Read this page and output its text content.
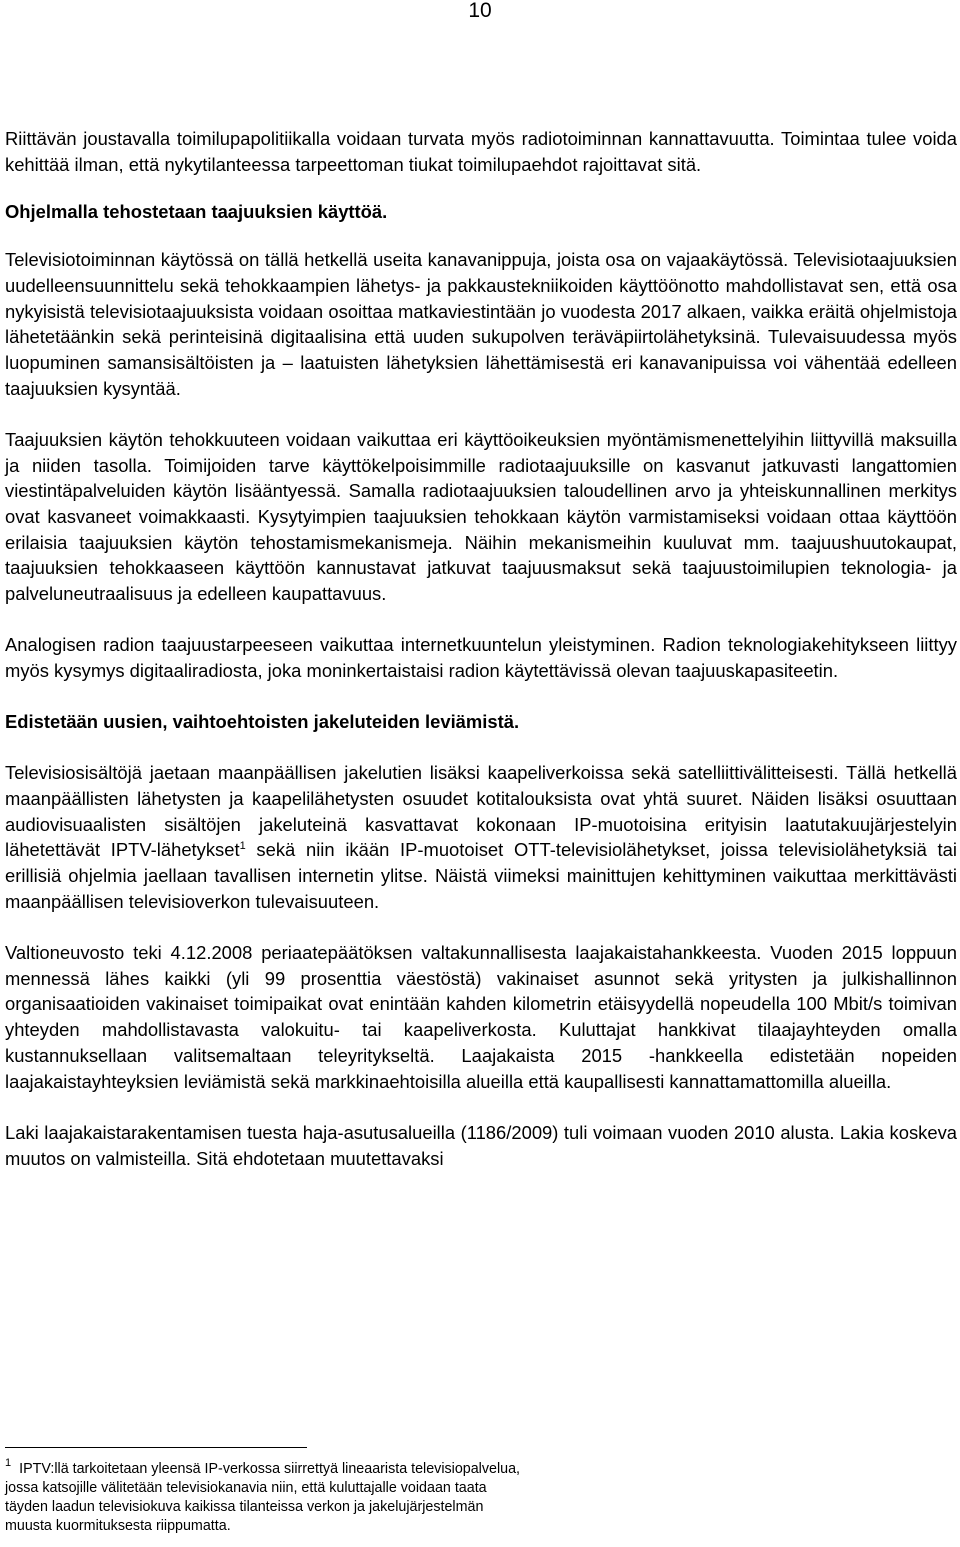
10

Riittävän joustavalla toimilupapolitiikalla voidaan turvata myös radiotoiminnan kannattavuutta. Toimintaa tulee voida kehittää ilman, että nykytilanteessa tarpeettoman tiukat toimilupaehdot rajoittavat sitä.

Ohjelmalla tehostetaan taajuuksien käyttöä.

Televisiotoiminnan käytössä on tällä hetkellä useita kanavanippuja, joista osa on vajaakäytössä. Televisiotaajuuksien uudelleensuunnittelu sekä tehokkaampien lähetys- ja pakkaustekniikoiden käyttöönotto mahdollistavat sen, että osa nykyisistä televisiotaajuuksista voidaan osoittaa matkaviestintään jo vuodesta 2017 alkaen, vaikka eräitä ohjelmistoja lähetetäänkin sekä perinteisinä digitaalisina että uuden sukupolven teräväpiirtolähetyksinä. Tulevaisuudessa myös luopuminen samansisältöisten ja – laatuisten lähetyksien lähettämisestä eri kanavanipuissa voi vähentää edelleen taajuuksien kysyntää.

Taajuuksien käytön tehokkuuteen voidaan vaikuttaa eri käyttöoikeuksien myöntämismenettelyihin liittyvillä maksuilla ja niiden tasolla. Toimijoiden tarve käyttökelpoisimmille radiotaajuuksille on kasvanut jatkuvasti langattomien viestintäpalveluiden käytön lisääntyessä. Samalla radiotaajuuksien taloudellinen arvo ja yhteiskunnallinen merkitys ovat kasvaneet voimakkaasti. Kysytyimpien taajuuksien tehokkaan käytön varmistamiseksi voidaan ottaa käyttöön erilaisia taajuuksien käytön tehostamismekanismeja. Näihin mekanismeihin kuuluvat mm. taajuushuutokaupat, taajuuksien tehokkaaseen käyttöön kannustavat jatkuvat taajuusmaksut sekä taajuustoimilupien teknologia- ja palveluneutraalisuus ja edelleen kaupattavuus.

Analogisen radion taajuustarpeeseen vaikuttaa internetkuuntelun yleistyminen. Radion teknologiakehitykseen liittyy myös kysymys digitaaliradiosta, joka moninkertaistaisi radion käytettävissä olevan taajuuskapasiteetin.

Edistetään uusien, vaihtoehtoisten jakeluteiden leviämistä.

Televisiosisältöjä jaetaan maanpäällisen jakelutien lisäksi kaapeliverkoissa sekä satelliittivälitteisesti. Tällä hetkellä maanpäällisten lähetysten ja kaapelilähetysten osuudet kotitalouksista ovat yhtä suuret. Näiden lisäksi osuuttaan audiovisuaalisten sisältöjen jakeluteinä kasvattavat kokonaan IP-muotoisina erityisin laatutakuujärjestelyin lähetettävät IPTV-lähetykset$^1$ sekä niin ikään IP-muotoiset OTT-televisiolähetykset, joissa televisiolähetyksiä tai erillisiä ohjelmia jaellaan tavallisen internetin ylitse. Näistä viimeksi mainittujen kehittyminen vaikuttaa merkittävästi maanpäällisen televisioverkon tulevaisuuteen.

Valtioneuvosto teki 4.12.2008 periaatepäätöksen valtakunnallisesta laajakaistahankkeesta. Vuoden 2015 loppuun mennessä lähes kaikki (yli 99 prosenttia väestöstä) vakinaiset asunnot sekä yritysten ja julkishallinnon organisaatioiden vakinaiset toimipaikat ovat enintään kahden kilometrin etäisyydellä nopeudella 100 Mbit/s toimivan yhteyden mahdollistavasta valokuitu- tai kaapeliverkosta. Kuluttajat hankkivat tilaajayhteyden omalla kustannuksellaan valitsemaltaan teleyritykseltä. Laajakaista 2015 -hankkeella edistetään nopeiden laajakaistayhteyksien leviämistä sekä markkinaehtoisilla alueilla että kaupallisesti kannattamattomilla alueilla.

Laki laajakaistarakentamisen tuesta haja-asutusalueilla (1186/2009) tuli voimaan vuoden 2010 alusta. Lakia koskeva muutos on valmisteilla. Sitä ehdotetaan muutettavaksi

$^1$ IPTV:llä tarkoitetaan yleensä IP-verkossa siirrettyä lineaarista televisiopalvelua,
jossa katsojille välitetään televisiokanavia niin, että kuluttajalle voidaan taata
täyden laadun televisiokuva kaikissa tilanteissa verkon ja jakelujärjestelmän
muusta kuormituksesta riippumatta.
